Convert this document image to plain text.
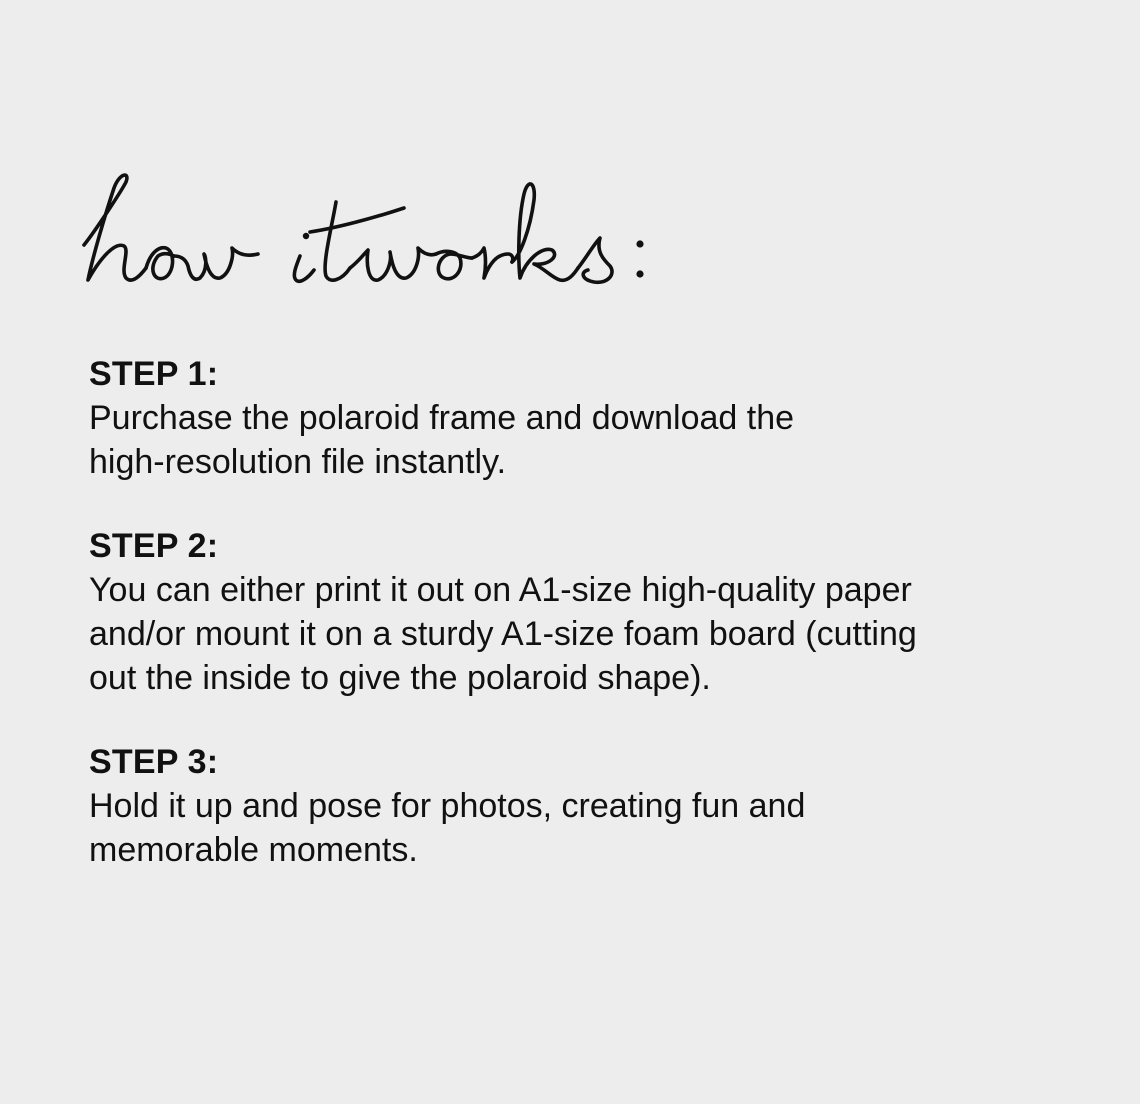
STEP 1:

Purchase the polaroid frame and download the

high-resolution file instantly.

STEP 2:

You can either print it out on A1-size high-quality paper

and/or mount it on a sturdy A1-size foam board (cutting

out the inside to give the polaroid shape).

STEP 3:

Hold it up and pose for photos, creating fun and

memorable moments.
